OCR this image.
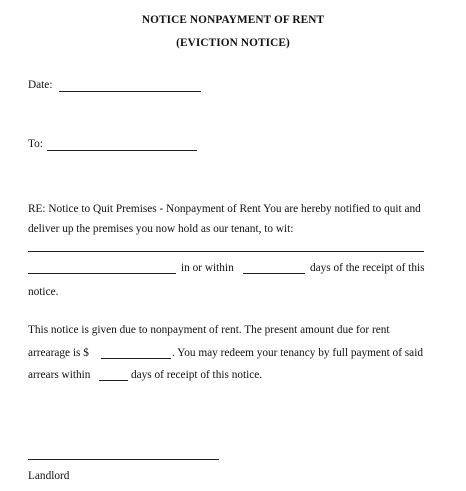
NOTICE NONPAYMENT OF RENT
(EVICTION NOTICE)
Date:
To:
RE: Notice to Quit Premises - Nonpayment of Rent You are hereby notified to quit and
deliver up the premises you now hold as our tenant, to wit:
in or within	days of the receipt of this
notice.
This notice is given due to nonpayment of rent. The present amount due for rent
arrearage is $	. You may redeem your tenancy by full payment of said
arrears within	days of receipt of this notice.
Landlord
